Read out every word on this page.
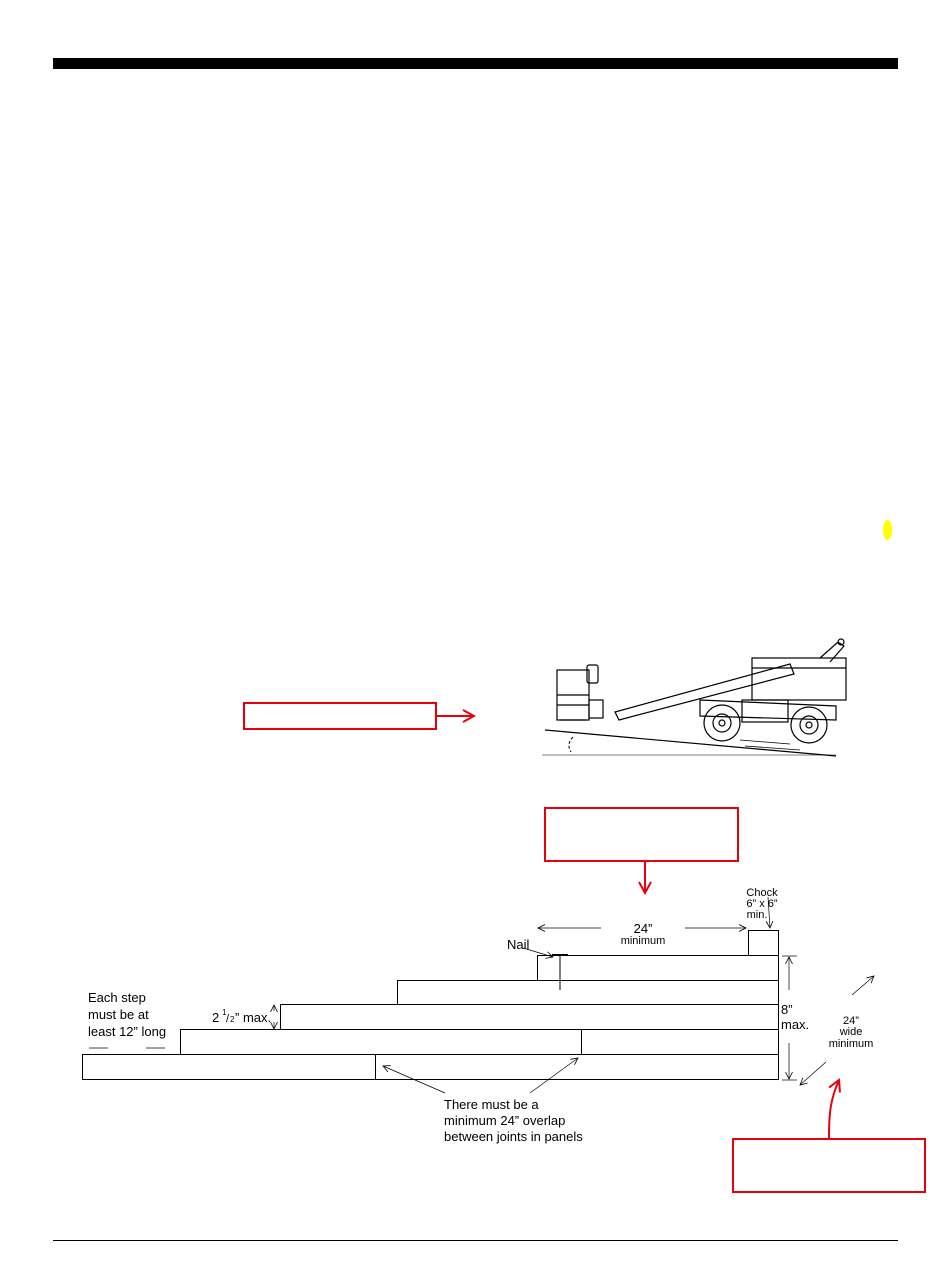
Chock
6” x 6”
min.
24”
minimum
Nail
Each step
must be at
least 12” long
2 1
/ 2 ” max.
8”
max.	24”
wide
minimum
There must be a
minimum 24” overlap
between joints in panels
